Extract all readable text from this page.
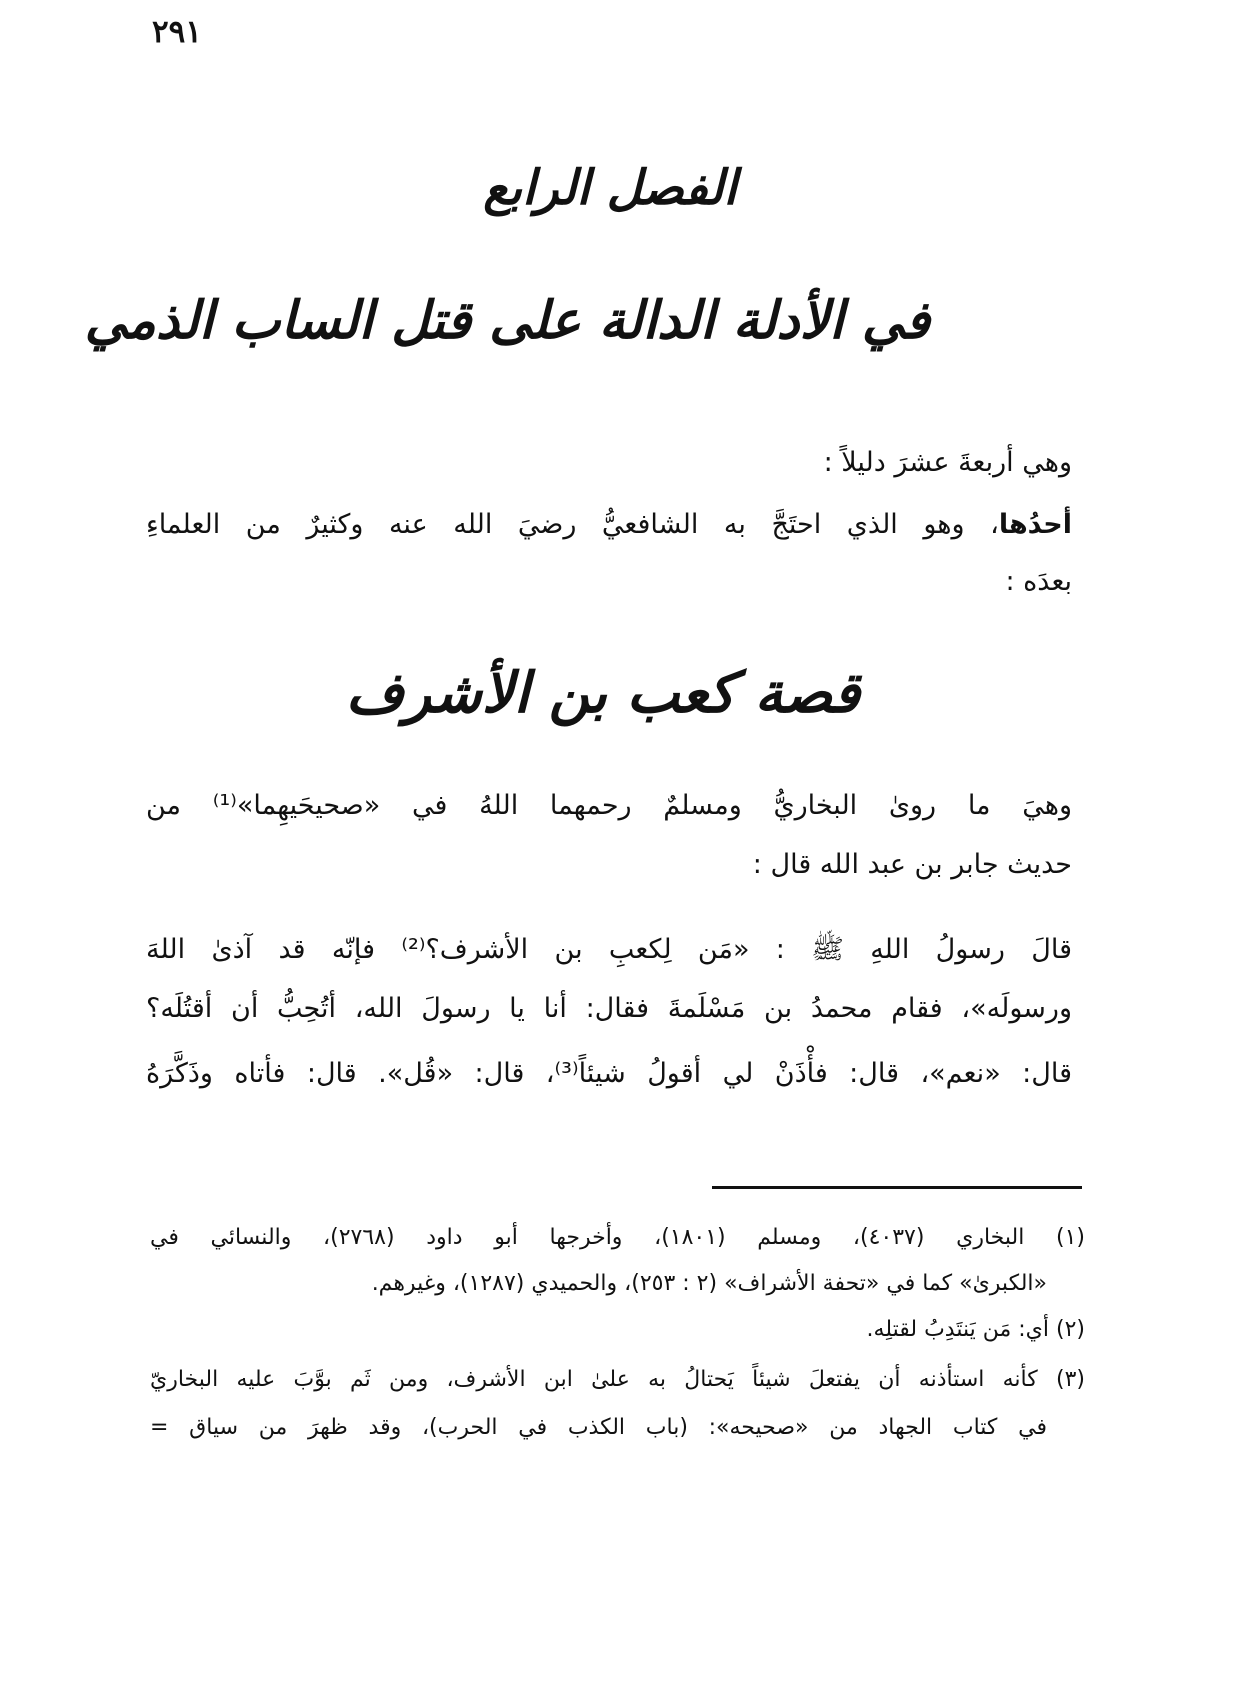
٢٩١
الفصل الرابع
في الأدلة الدالة على قتل الساب الذمي
وهي أربعةَ عشرَ دليلاً :
أحدُها، وهو الذي احتَجَّ به الشافعيُّ رضيَ الله عنه وكثيرٌ من العلماءِ
بعدَه :
قصة كعب بن الأشرف
وهيَ ما روىٰ البخاريُّ ومسلمٌ رحمهما اللهُ في «صحيحَيهِما»⁽¹⁾ من
حديث جابر بن عبد الله قال :
قالَ رسولُ اللهِ ﷺ : «مَن لِكعبِ بن الأشرف؟⁽²⁾ فإنّه قد آذىٰ اللهَ
ورسولَه»، فقام محمدُ بن مَسْلَمةَ فقال: أنا يا رسولَ الله، أتُحِبُّ أن أقتُلَه؟
قال: «نعم»، قال: فأْذَنْ لي أقولُ شيئاً⁽³⁾، قال: «قُل». قال: فأتاه وذَكَّرَهُ
(١) البخاري (٤٠٣٧)، ومسلم (١٨٠١)، وأخرجها أبو داود (٢٧٦٨)، والنسائي في
«الكبرىٰ» كما في «تحفة الأشراف» (٢ : ٢٥٣)، والحميدي (١٢٨٧)، وغيرهم.
(٢) أي: مَن يَنتَدِبُ لقتلِه.
(٣) كأنه استأذنه أن يفتعلَ شيئاً يَحتالُ به علىٰ ابن الأشرف، ومن ثَم بوَّبَ عليه البخاريّ
في كتاب الجهاد من «صحيحه»: (باب الكذب في الحرب)، وقد ظهرَ من سياق =
